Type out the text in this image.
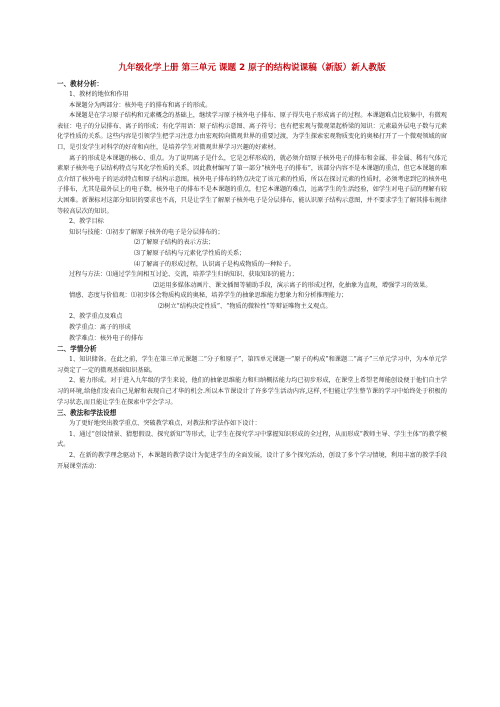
九年级化学上册 第三单元 课题 2 原子的结构说课稿（新版）新人教版
一、教材分析：

1、教材的地位和作用

本课题分为两部分：核外电子的排布和离子的形成。

本课题是在学习原子结构和元素概念的基础上，继续学习原子核外电子排布、原子得失电子形成离子的过程。本课题难点比较集中，有微观表征：电子的分层排布、离子的形成；有化学用语：原子结构示意图、离子符号；也有把宏观与微观架起桥梁的知识：元素最外层电子数与元素化学性质的关系。这些内容是引领学生把学习注意力由宏观转向微观世界的重要过渡，为学生探索宏观物质变化的奥秘打开了一个微观领域的窗口，是引发学生对科学的好奇和向往，是培养学生对微观世界学习兴趣的好素材。

离子的形成是本课题的核心、重点。为了说明离子是什么，它是怎样形成的，就必须介绍原子核外电子的排布和金属、非金属、稀有气体元素原子核外电子层结构特点与其化学性质的关系，因此教材编写了第一部分“核外电子的排布”，该部分内容不是本课题的重点，但它本课题的难点介绍了核外电子的运动特点和原子结构示意图。核外电子排布的特点决定了该元素的性质，所以在探讨元素的性质时，必须考虑到它的核外电子排布，尤其是最外层上的电子数，核外电子的排布不是本课题的重点，但它本课题的难点，远离学生的生活经验，如学生对电子层的理解有较大困难。新课标对这部分知识的要求也不高，只是让学生了解原子核外电子是分层排布，能认识原子结构示意图，并不要求学生了解其排布规律等较高层次的知识。

2、教学目标

知识与技能： ⑴初步了解原子核外的电子是分层排布的；

⑵了解原子结构的表示方法；

⑶了解原子结构与元素化学性质的关系；

⑷了解离子的形成过程，认识离子是构成物质的一种粒子。

过程与方法： ⑴通过学生间相互讨论、交流，培养学生归纳知识、获取知识的能力；

⑵运用多媒体动画片、课文插图等辅助手段，演示离子的形成过程，化抽象为直观，增强学习的效果。

情感、态度与价值观： ⑴初步体会物质构成的奥秘，培养学生的抽象思维能力想象力和分析推理能力；

⑵树立“结构决定性质”、“物质的微粒性”等辩证唯物主义观点。

2、教学重点及难点

教学重点：离子的形成

教学难点：核外电子的排布

二、学情分析

1、知识储备。在此之前，学生在第三单元课题二“分子和原子”、第四单元课题一“原子的构成”和课题二“离子”三单元学习中，为本单元学习奠定了一定的微观基础知识基础。

2、能力形成。对于进入九年级的学生来说，他们的抽象思维能力和归纳概括能力均已初步形成，在课堂上希望老师能创设便于他们自主学习的环境,给他们发表自己见解和表现自己才华的机会.所以本节课设计了许多学生活动内容,这样,不但能让学生整节课的学习中始终处于积极的学习状态,而且能让学生在探索中学会学习。

三、教法和学法设想

为了更好地突出教学重点、突破教学难点，对教法和学法作如下设计：

1、通过“创设情景、猜想假设、探究新知”等形式，让学生在探究学习中掌握知识形成的全过程，从而形成“教师主导、学生主体”的教学模式。

2、在新的教学理念驱动下，本课题的教学设计为促进学生的全面发展，设计了多个探究活动，创设了多个学习情境，利用丰富的教学手段开展课堂活动：
